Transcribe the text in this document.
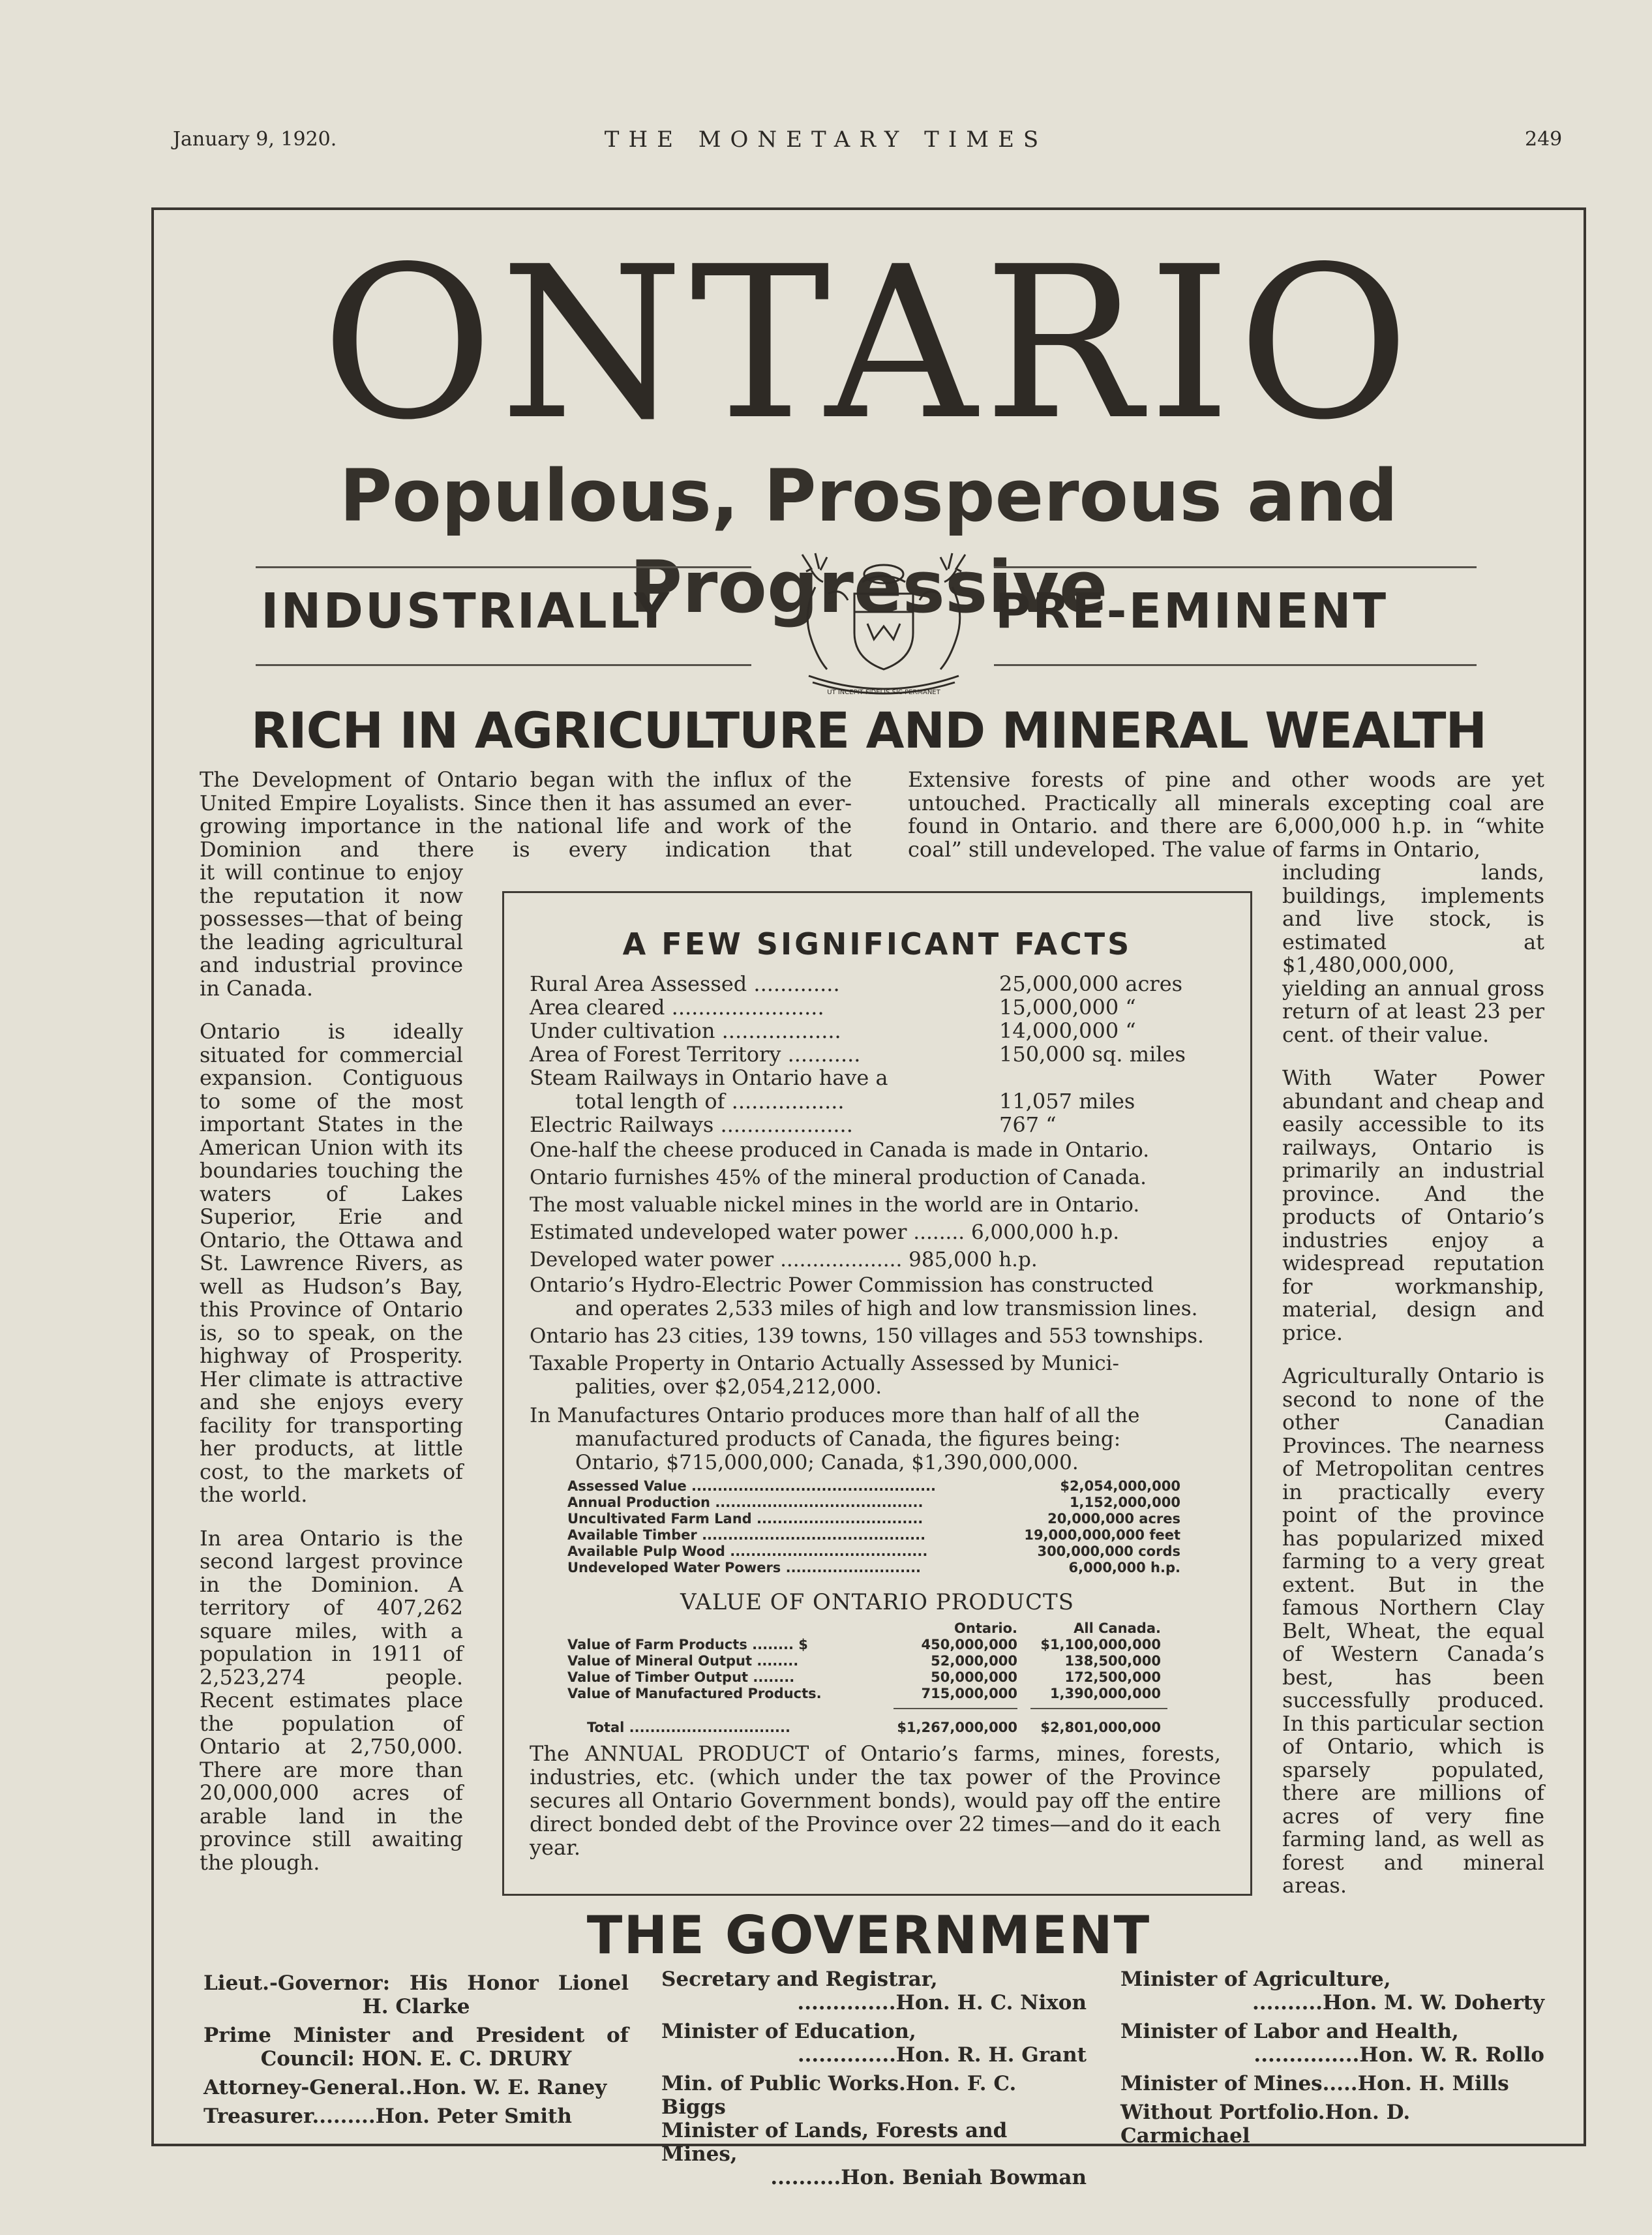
January 9, 1920.	THE MONETARY TIMES	249
ONTARIO
Populous, Prosperous and Progressive
INDUSTRIALLY	PRE-EMINENT
UT INCEPIT FIDELIS SIC PERMANET
RICH IN AGRICULTURE AND MINERAL WEALTH
The Development of Ontario began with the influx of the United Empire Loyalists. Since then it has assumed an ever-growing importance in the national life and work of the Dominion and there is every indication that
Extensive forests of pine and other woods are yet untouched. Practically all minerals excepting coal are found in Ontario. and there are 6,000,000 h.p. in “white coal” still undeveloped. The value of farms in Ontario,

it will continue to enjoy the reputation it now possesses—that of being the leading agricultural and industrial province in Canada.

Ontario is ideally situated for commercial expansion. Contiguous to some of the most important States in the American Union with its boundaries touching the waters of Lakes Superior, Erie and Ontario, the Ottawa and St. Lawrence Rivers, as well as Hudson’s Bay, this Province of Ontario is, so to speak, on the highway of Prosperity. Her climate is attractive and she enjoys every facility for transporting her products, at little cost, to the markets of the world.

In area Ontario is the second largest province in the Dominion. A territory of 407,262 square miles, with a population in 1911 of 2,523,274 people. Recent estimates place the population of Ontario at 2,750,000. There are more than 20,000,000 acres of arable land in the province still awaiting the plough.

including lands, buildings, implements and live stock, is estimated at $1,480,000,000, yielding an annual gross return of at least 23 per cent. of their value.

With Water Power abundant and cheap and easily accessible to its railways, Ontario is primarily an industrial province. And the products of Ontario’s industries enjoy a widespread reputation for workmanship, material, design and price.

Agriculturally Ontario is second to none of the other Canadian Provinces. The nearness of Metropolitan centres in practically every point of the province has popularized mixed farming to a very great extent. But in the famous Northern Clay Belt, Wheat, the equal of Western Canada’s best, has been successfully produced. In this particular section of Ontario, which is sparsely populated, there are millions of acres of very fine farming land, as well as forest and mineral areas.

A FEW SIGNIFICANT FACTS
Rural Area Assessed .............	25,000,000 acres
Area cleared .......................	15,000,000 “
Under cultivation ..................	14,000,000 “
Area of Forest Territory ...........	150,000 sq. miles
Steam Railways in Ontario have a
total length of .................	11,057 miles
Electric Railways ....................	767 “
One-half the cheese produced in Canada is made in Ontario.
Ontario furnishes 45% of the mineral production of Canada.
The most valuable nickel mines in the world are in Ontario.
Estimated undeveloped water power ........ 6,000,000 h.p.
Developed water power ................... 985,000 h.p.
Ontario’s Hydro-Electric Power Commission has constructed
and operates 2,533 miles of high and low transmission lines.
Ontario has 23 cities, 139 towns, 150 villages and 553 townships.
Taxable Property in Ontario Actually Assessed by Munici-
palities, over $2,054,212,000.
In Manufactures Ontario produces more than half of all the
manufactured products of Canada, the figures being:
Ontario, $715,000,000; Canada, $1,390,000,000.
Assessed Value ...............................................	$2,054,000,000
Annual Production ........................................	1,152,000,000
Uncultivated Farm Land ................................	20,000,000 acres
Available Timber ...........................................	19,000,000,000 feet
Available Pulp Wood ......................................	300,000,000 cords
Undeveloped Water Powers ..........................	6,000,000 h.p.
VALUE OF ONTARIO PRODUCTS
Ontario.	All Canada.
Value of Farm Products ........ $	450,000,000	$1,100,000,000
Value of Mineral Output ........	52,000,000	138,500,000
Value of Timber Output ........	50,000,000	172,500,000
Value of Manufactured Products.	715,000,000	1,390,000,000
Total ...............................	$1,267,000,000	$2,801,000,000
The ANNUAL PRODUCT of Ontario’s farms, mines, forests, industries, etc. (which under the tax power of the Province secures all Ontario Government bonds), would pay off the entire direct bonded debt of the Province over 22 times—and do it each year.
THE GOVERNMENT
Lieut.-Governor: His Honor Lionel
H. Clarke
Prime Minister and President of
Council: HON. E. C. DRURY
Attorney-General..Hon. W. E. Raney
Treasurer.........Hon. Peter Smith
Secretary and Registrar,
..............Hon. H. C. Nixon
Minister of Education,
..............Hon. R. H. Grant
Min. of Public Works.Hon. F. C. Biggs
Minister of Lands, Forests and Mines,
..........Hon. Beniah Bowman
Minister of Agriculture,
..........Hon. M. W. Doherty
Minister of Labor and Health,
...............Hon. W. R. Rollo
Minister of Mines.....Hon. H. Mills
Without Portfolio.Hon. D. Carmichael
